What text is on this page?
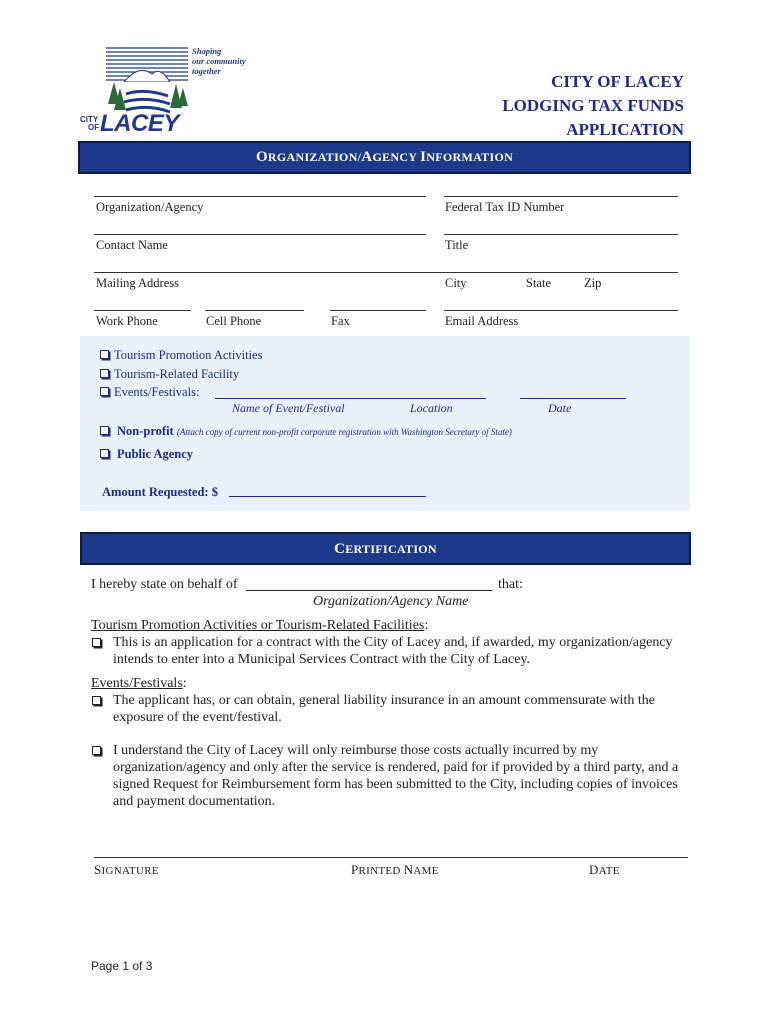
Shaping
our community
together
CITY
OF LACEY
CITY OF LACEY
LODGING TAX FUNDS
APPLICATION
ORGANIZATION/AGENCY INFORMATION
Organization/Agency	Federal Tax ID Number
Contact Name	Title
Mailing Address	City	State	Zip
Work Phone	Cell Phone	Fax	Email Address
Tourism Promotion Activities
Tourism-Related Facility
Events/Festivals:
Name of Event/Festival	Location	Date
Non-profit (Attach copy of current non-profit corporate registration with Washington Secretary of State)
Public Agency
Amount Requested: $
CERTIFICATION
I hereby state on behalf of	that:
Organization/Agency Name
Tourism Promotion Activities or Tourism-Related Facilities:
This is an application for a contract with the City of Lacey and, if awarded, my organization/agency intends to enter into a Municipal Services Contract with the City of Lacey.
Events/Festivals:
The applicant has, or can obtain, general liability insurance in an amount commensurate with the exposure of the event/festival.
I understand the City of Lacey will only reimburse those costs actually incurred by my organization/agency and only after the service is rendered, paid for if provided by a third party, and a signed Request for Reimbursement form has been submitted to the City, including copies of invoices and payment documentation.
SIGNATURE	PRINTED NAME	DATE
Page 1 of 3
